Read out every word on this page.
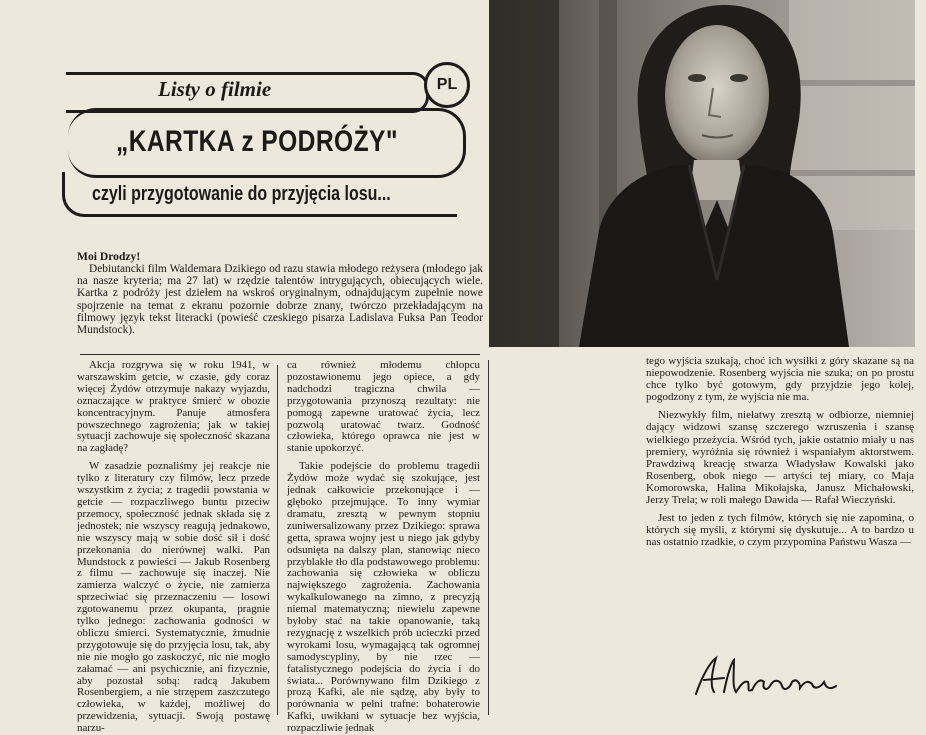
Listy o filmie	PL
„KARTKA z PODRÓŻY"
czyli przygotowanie do przyjęcia losu...
Moi Drodzy!

Debiutancki film Waldemara Dzikiego od razu stawia młodego reżysera (młodego jak na nasze kryteria; ma 27 lat) w rzędzie talentów intrygujących, obiecujących wiele. Kartka z podróży jest dziełem na wskroś oryginalnym, odnajdującym zupełnie nowe spojrzenie na temat z ekranu pozornie dobrze znany, twórczo przekładającym na filmowy język tekst literacki (powieść czeskiego pisarza Ladislava Fuksa Pan Teodor Mundstock).

Akcja rozgrywa się w roku 1941, w warszawskim getcie, w czasie, gdy coraz więcej Żydów otrzymuje nakazy wyjazdu, oznaczające w praktyce śmierć w obozie koncentracyjnym. Panuje atmosfera powszechnego zagrożenia; jak w takiej sytuacji zachowuje się społeczność skazana na zagładę?

W zasadzie poznaliśmy jej reakcje nie tylko z literatury czy filmów, lecz przede wszystkim z życia; z tragedii powstania w getcie — rozpaczliwego buntu przeciw przemocy, społeczność jednak składa się z jednostek; nie wszyscy reagują jednakowo, nie wszyscy mają w sobie dość sił i dość przekonania do nierównej walki. Pan Mundstock z powieści — Jakub Rosenberg z filmu — zachowuje się inaczej. Nie zamierza walczyć o życie, nie zamierza sprzeciwiać się przeznaczeniu — losowi zgotowanemu przez okupanta, pragnie tylko jednego: zachowania godności w obliczu śmierci. Systematycznie, żmudnie przygotowuje się do przyjęcia losu, tak, aby nie nie mogło go zaskoczyć, nic nie mogło załamać — ani psychicznie, ani fizycznie, aby pozostał sobą: radcą Jakubem Rosenbergiem, a nie strzępem zaszczutego człowieka, w każdej, możliwej do przewidzenia, sytuacji. Swoją postawę narzu-

ca również młodemu chłopcu pozostawionemu jego opiece, a gdy nadchodzi tragiczna chwila — przygotowania przynoszą rezultaty: nie pomogą zapewne uratować życia, lecz pozwolą uratować twarz. Godność człowieka, którego oprawca nie jest w stanie upokorzyć.

Takie podejście do problemu tragedii Żydów może wydać się szokujące, jest jednak całkowicie przekonujące i — głęboko przejmujące. To inny wymiar dramatu, zresztą w pewnym stopniu zuniwersalizowany przez Dzikiego: sprawa getta, sprawa wojny jest u niego jak gdyby odsunięta na dalszy plan, stanowiąc nieco przyblakłe tło dla podstawowego problemu: zachowania się człowieka w obliczu największego zagrożenia. Zachowania wykalkulowanego na zimno, z precyzją niemal matematyczną; niewielu zapewne byłoby stać na takie opanowanie, taką rezygnację z wszelkich prób ucieczki przed wyrokami losu, wymagającą tak ogromnej samodyscypliny, by nie rzec — fatalistycznego podejścia do życia i do świata... Porównywano film Dzikiego z prozą Kafki, ale nie sądzę, aby były to porównania w pełni trafne: bohaterowie Kafki, uwikłani w sytuacje bez wyjścia, rozpaczliwie jednak

tego wyjścia szukają, choć ich wysiłki z góry skazane są na niepowodzenie. Rosenberg wyjścia nie szuka; on po prostu chce tylko być gotowym, gdy przyjdzie jego kolej, pogodzony z tym, że wyjścia nie ma.

Niezwykły film, niełatwy zresztą w odbiorze, niemniej dający widzowi szansę szczerego wzruszenia i szansę wielkiego przeżycia. Wśród tych, jakie ostatnio miały u nas premiery, wyróżnia się również i wspaniałym aktorstwem. Prawdziwą kreację stwarza Władysław Kowalski jako Rosenberg, obok niego — artyści tej miary, co Maja Komorowska, Halina Mikołajska, Janusz Michałowski, Jerzy Trela; w roli małego Dawida — Rafał Wieczyński.

Jest to jeden z tych filmów, których się nie zapomina, o których się myśli, z którymi się dyskutuje... A to bardzo u nas ostatnio rzadkie, o czym przypomina Państwu Wasza —
